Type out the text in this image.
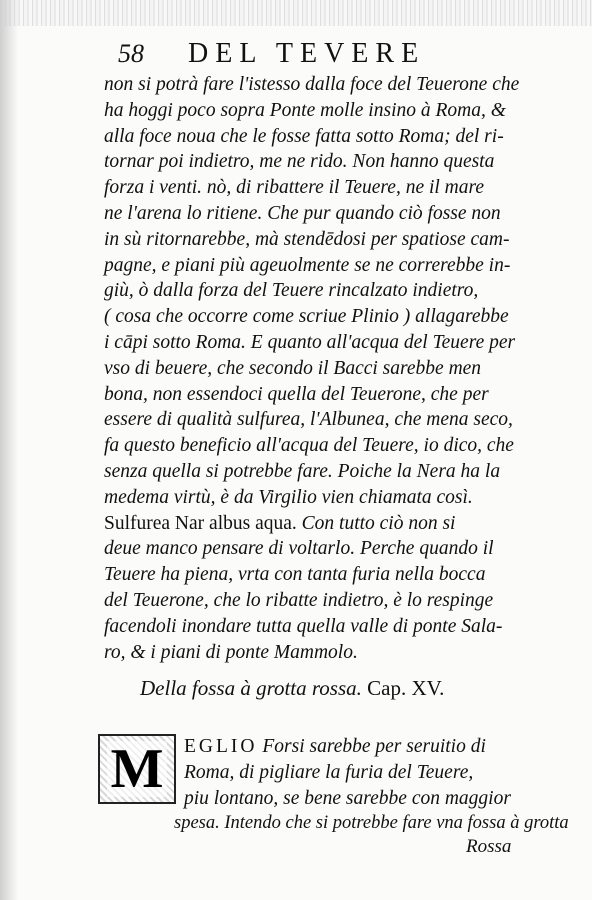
58	DEL TEVERE
non si potrà fare l'istesso dalla foce del Teuerone che
ha hoggi poco sopra Ponte molle insino à Roma, &
alla foce noua che le fosse fatta sotto Roma; del ri-
tornar poi indietro, me ne rido. Non hanno questa
forza i venti. nò, di ribattere il Teuere, ne il mare
ne l'arena lo ritiene. Che pur quando ciò fosse non
in sù ritornarebbe, mà stendēdosi per spatiose cam-
pagne, e piani più ageuolmente se ne correrebbe in-
giù, ò dalla forza del Teuere rincalzato indietro,
( cosa che occorre come scriue Plinio ) allagarebbe
i cāpi sotto Roma. E quanto all'acqua del Teuere per
vso di beuere, che secondo il Bacci sarebbe men
bona, non essendoci quella del Teuerone, che per
essere di qualità sulfurea, l'Albunea, che mena seco,
fa questo beneficio all'acqua del Teuere, io dico, che
senza quella si potrebbe fare. Poiche la Nera ha la
medema virtù, è da Virgilio vien chiamata così.
Sulfurea Nar albus aqua. Con tutto ciò non si
deue manco pensare di voltarlo. Perche quando il
Teuere ha piena, vrta con tanta furia nella bocca
del Teuerone, che lo ribatte indietro, è lo respinge
facendoli inondare tutta quella valle di ponte Sala-
ro, & i piani di ponte Mammolo.
Della fossa à grotta rossa. Cap. XV.
M EGLIO Forsi sarebbe per seruitio di
Roma, di pigliare la furia del Teuere,
piu lontano, se bene sarebbe con maggior
spesa. Intendo che si potrebbe fare vna fossa à grotta
Rossa
